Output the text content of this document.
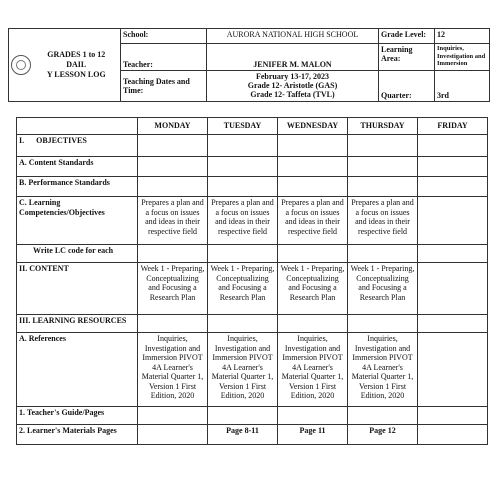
	GRADES 1 to 12
DAIL
Y LESSON LOG	School:	AURORA NATIONAL HIGH SCHOOL	Grade Level:	12
		Teacher:	JENIFER M. MALON	Learning Area:	Inquiries, Investigation and Immersion
		Teaching Dates and Time:	February 13-17, 2023
Grade 12- Aristotle (GAS)
Grade 12- Taffeta (TVL)	Quarter:	3rd
	MONDAY	TUESDAY	WEDNESDAY	THURSDAY	FRIDAY
I.      OBJECTIVES					
A. Content Standards					
B. Performance Standards					
C. Learning Competencies/Objectives	Prepares a plan and a focus on issues and ideas in their respective field	Prepares a plan and a focus on issues and ideas in their respective field	Prepares a plan and a focus on issues and ideas in their respective field	Prepares a plan and a focus on issues and ideas in their respective field	
Write LC code for each					
II. CONTENT	Week 1 - Preparing, Conceptualizing and Focusing a Research Plan	Week 1 - Preparing, Conceptualizing and Focusing a Research Plan	Week 1 - Preparing, Conceptualizing and Focusing a Research Plan	Week 1 - Preparing, Conceptualizing and Focusing a Research Plan	
III. LEARNING RESOURCES					
A. References	Inquiries, Investigation and Immersion PIVOT 4A Learner's Material Quarter 1, Version 1 First Edition, 2020	Inquiries, Investigation and Immersion PIVOT 4A Learner's Material Quarter 1, Version 1 First Edition, 2020	Inquiries, Investigation and Immersion PIVOT 4A Learner's Material Quarter 1, Version 1 First Edition, 2020	Inquiries, Investigation and Immersion PIVOT 4A Learner's Material Quarter 1, Version 1 First Edition, 2020	
1. Teacher's Guide/Pages					
2. Learner's Materials Pages		Page 8-11	Page 11	Page 12	
